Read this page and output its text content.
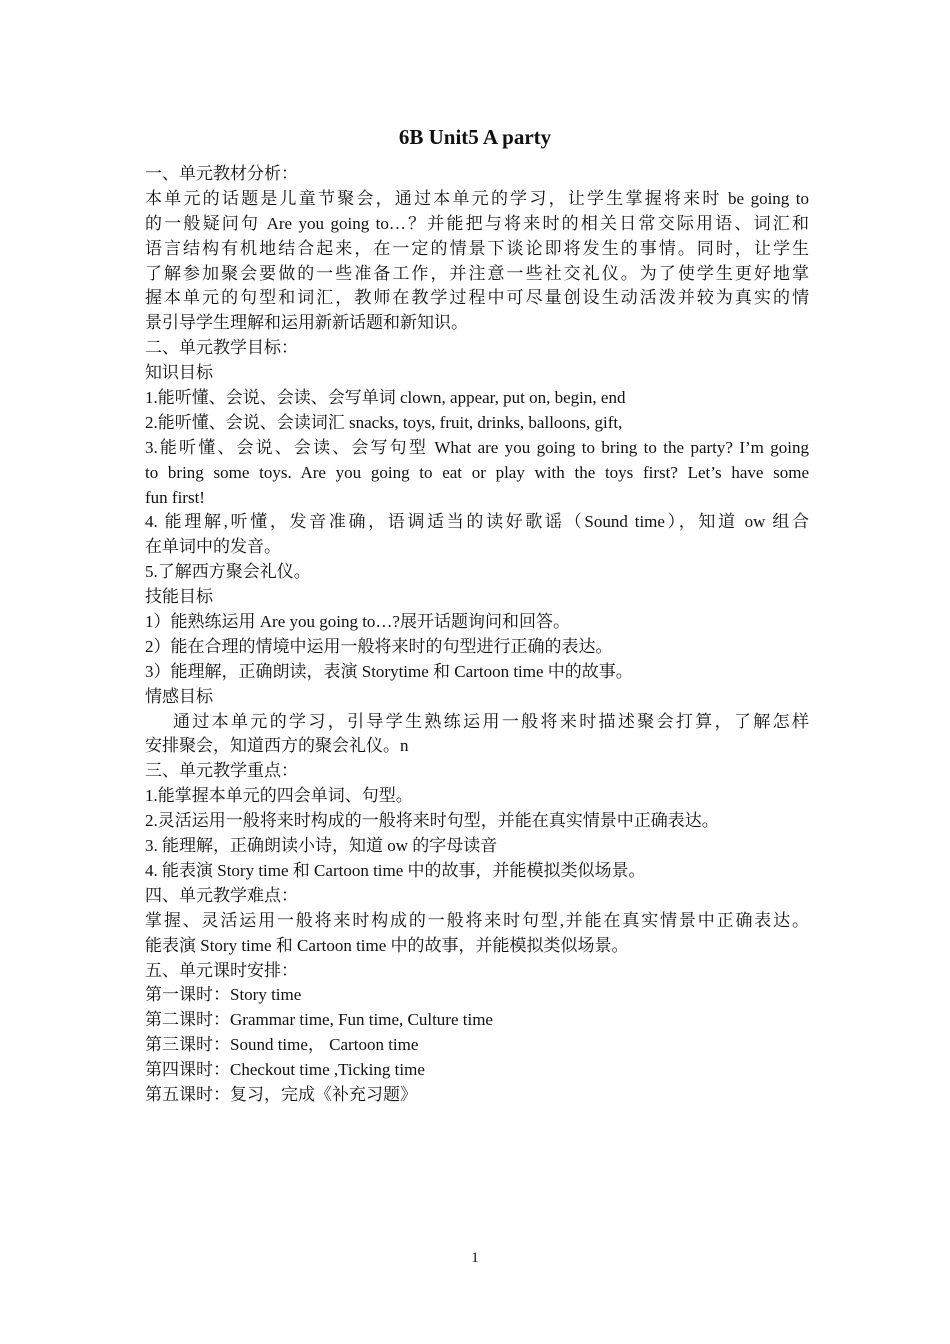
6B Unit5 A party
一、单元教材分析：
本单元的话题是儿童节聚会，通过本单元的学习，让学生掌握将来时 be going to
的一般疑问句 Are you going to…？并能把与将来时的相关日常交际用语、词汇和
语言结构有机地结合起来，在一定的情景下谈论即将发生的事情。同时，让学生
了解参加聚会要做的一些准备工作，并注意一些社交礼仪。为了使学生更好地掌
握本单元的句型和词汇，教师在教学过程中可尽量创设生动活泼并较为真实的情
景引导学生理解和运用新新话题和新知识。
二、单元教学目标：
知识目标
1.能听懂、会说、会读、会写单词 clown, appear, put on, begin, end
2.能听懂、会说、会读词汇 snacks, toys, fruit, drinks, balloons, gift,
3.能听懂、会说、会读、会写句型 What are you going to bring to the party? I’m going
to bring some toys. Are you going to eat or play with the toys first? Let’s have some
fun first!
4. 能理解,听懂，发音准确，语调适当的读好歌谣（Sound time），知道 ow 组合
在单词中的发音。
5.了解西方聚会礼仪。
技能目标
1）能熟练运用 Are you going to…?展开话题询问和回答。
2）能在合理的情境中运用一般将来时的句型进行正确的表达。
3）能理解，正确朗读，表演 Storytime 和 Cartoon time 中的故事。
情感目标
通过本单元的学习，引导学生熟练运用一般将来时描述聚会打算，了解怎样
安排聚会，知道西方的聚会礼仪。n
三、单元教学重点：
1.能掌握本单元的四会单词、句型。
2.灵活运用一般将来时构成的一般将来时句型，并能在真实情景中正确表达。
3. 能理解，正确朗读小诗，知道 ow 的字母读音
4. 能表演 Story time 和 Cartoon time 中的故事，并能模拟类似场景。
四、单元教学难点：
掌握、灵活运用一般将来时构成的一般将来时句型,并能在真实情景中正确表达。
能表演 Story time 和 Cartoon time 中的故事，并能模拟类似场景。
五、单元课时安排：
第一课时：Story time
第二课时：Grammar time, Fun time, Culture time
第三课时：Sound time， Cartoon time
第四课时：Checkout time ,Ticking time
第五课时：复习，完成《补充习题》
1
